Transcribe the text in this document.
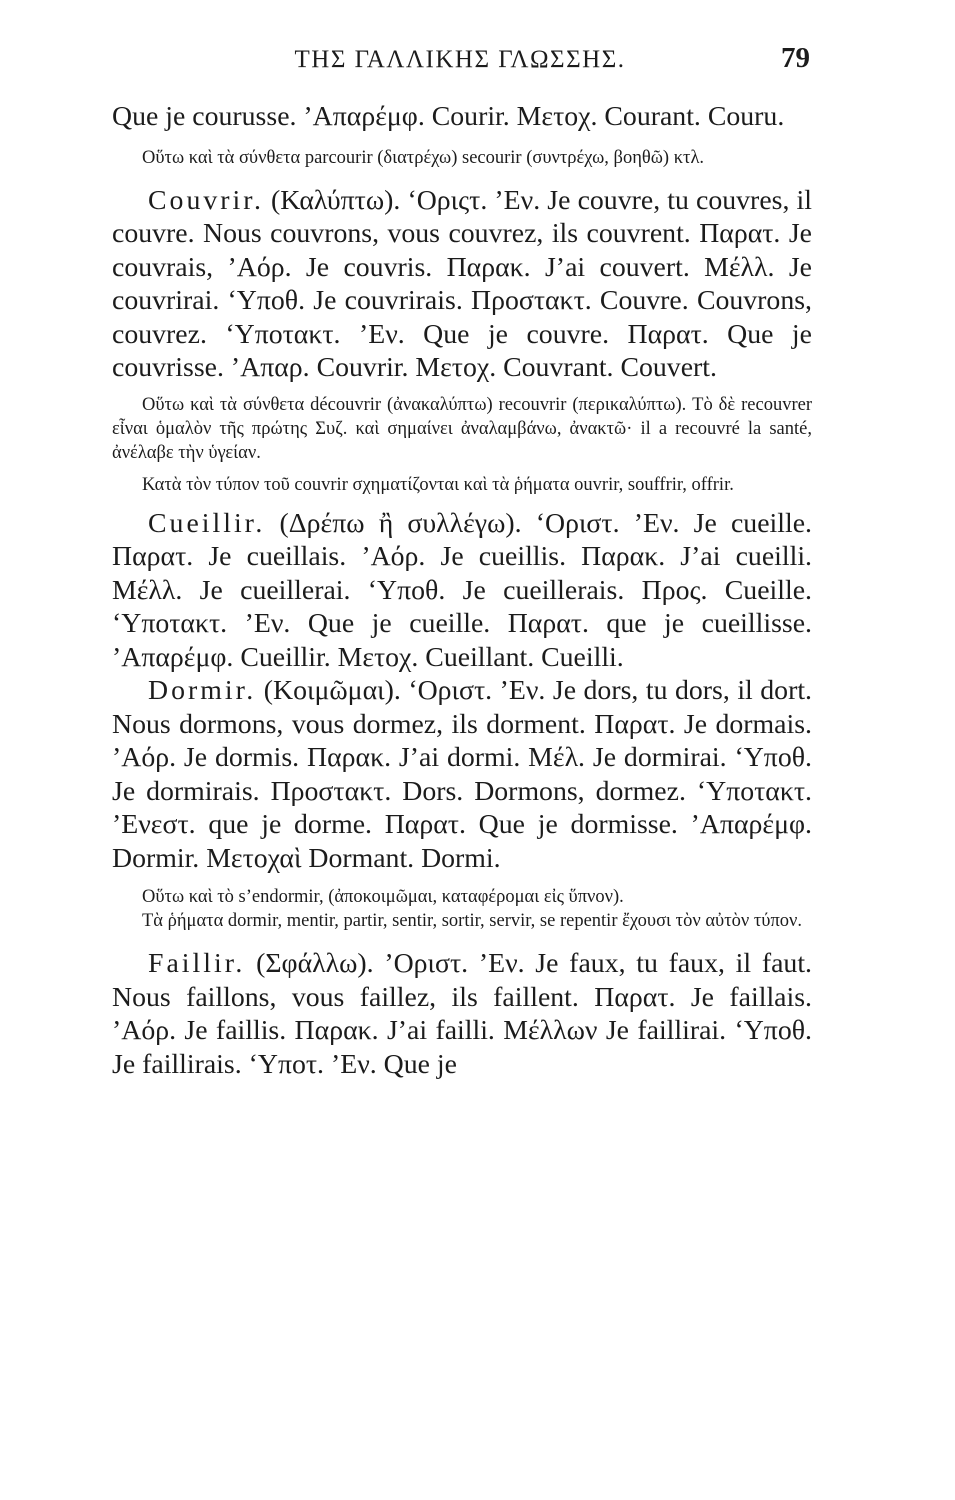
ΤΗΣ ΓΑΛΛΙΚΗΣ ΓΛΩΣΣΗΣ.	79

Que je courusse. ’Απαρέμφ. Courir. Μετοχ. Courant. Couru.

Οὕτω καὶ τὰ σύνθετα parcourir (διατρέχω) secourir (συντρέχω, βοηθῶ) κτλ.

Couvrir. (Καλύπτω). ‘Οριςτ. ’Εν. Je couvre, tu couvres, il couvre. Nous couvrons, vous couvrez, ils couvrent. Παρατ. Je couvrais, ’Αόρ. Je couvris. Παρακ. J’ai couvert. Μέλλ. Je couvrirai. ‘Υποθ. Je couvrirais. Προστακτ. Couvre. Couvrons, couvrez. ‘Υποτακτ. ’Εν. Que je couvre. Παρατ. Que je couvrisse. ’Απαρ. Couvrir. Μετοχ. Couvrant. Couvert.

Οὕτω καὶ τὰ σύνθετα découvrir (ἀνακαλύπτω) recouvrir (περικαλύπτω). Τὸ δὲ recouvrer εἶναι ὁμαλὸν τῆς πρώτης Συζ. καὶ σημαίνει ἀναλαμβάνω, ἀνακτῶ· il a recouvré la santé, ἀνέλαβε τὴν ὑγείαν.

Κατὰ τὸν τύπον τοῦ couvrir σχηματίζονται καὶ τὰ ῥήματα ouvrir, souffrir, offrir.

Cueillir. (Δρέπω ἢ συλλέγω). ‘Οριστ. ’Εν. Je cueille. Παρατ. Je cueillais. ’Αόρ. Je cueillis. Παρακ. J’ai cueilli. Μέλλ. Je cueillerai. ‘Υποθ. Je cueillerais. Προς. Cueille. ‘Υποτακτ. ’Εν. Que je cueille. Παρατ. que je cueillisse. ’Απαρέμφ. Cueillir. Μετοχ. Cueillant. Cueilli.

Dormir. (Κοιμῶμαι). ‘Οριστ. ’Εν. Je dors, tu dors, il dort. Nous dormons, vous dormez, ils dorment. Παρατ. Je dormais. ’Αόρ. Je dormis. Παρακ. J’ai dormi. Μέλ. Je dormirai. ‘Υποθ. Je dormirais. Προστακτ. Dors. Dormons, dormez. ‘Υποτακτ. ’Ενεστ. que je dorme. Παρατ. Que je dormisse. ’Απαρέμφ. Dormir. Μετοχαὶ Dormant. Dormi.

Οὕτω καὶ τὸ s’endormir, (ἀποκοιμῶμαι, καταφέρομαι εἰς ὕπνον).

Τὰ ῥήματα dormir, mentir, partir, sentir, sortir, servir, se repentir ἔχουσι τὸν αὐτὸν τύπον.

Faillir. (Σφάλλω). ’Οριστ. ’Εν. Je faux, tu faux, il faut. Nous faillons, vous faillez, ils faillent. Παρατ. Je faillais. ’Αόρ. Je faillis. Παρακ. J’ai failli. Μέλλων Je faillirai. ‘Υποθ. Je faillirais. ‘Υποτ. ’Εν. Que je
